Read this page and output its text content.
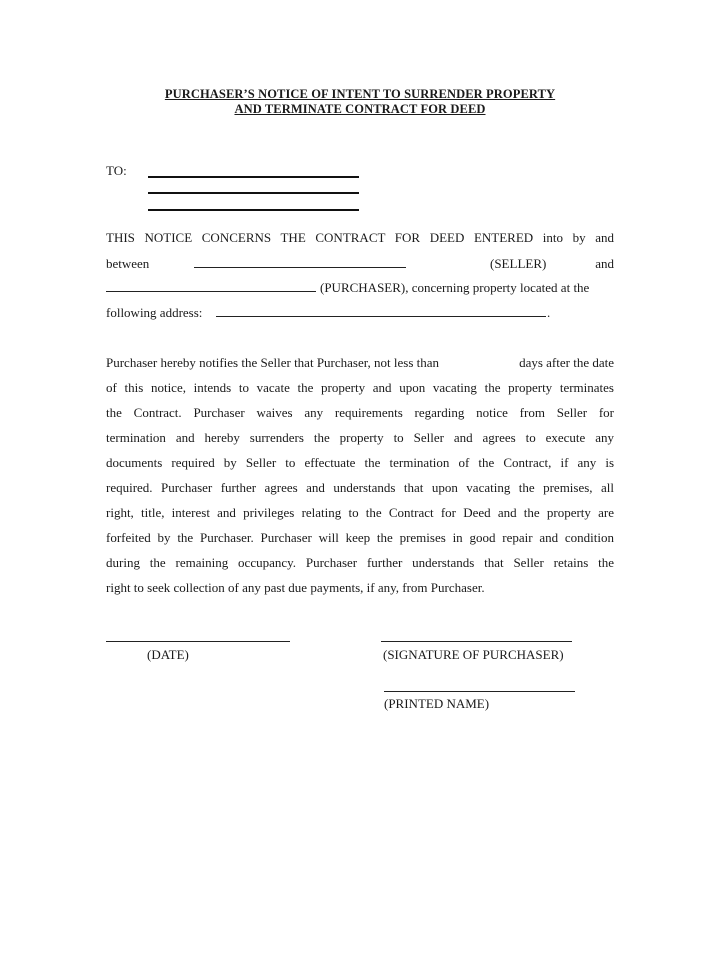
PURCHASER’S NOTICE OF INTENT TO SURRENDER PROPERTY
AND TERMINATE CONTRACT FOR DEED
TO:
THIS NOTICE CONCERNS THE CONTRACT FOR DEED ENTERED into by and
between	(SELLER)	and
(PURCHASER), concerning property located at the
following address:	.
Purchaser hereby notifies the Seller that Purchaser, not less than	days after the date
of this notice, intends to vacate the property and upon vacating the property terminates
the Contract. Purchaser waives any requirements regarding notice from Seller for
termination and hereby surrenders the property to Seller and agrees to execute any
documents required by Seller to effectuate the termination of the Contract, if any is
required. Purchaser further agrees and understands that upon vacating the premises, all
right, title, interest and privileges relating to the Contract for Deed and the property are
forfeited by the Purchaser. Purchaser will keep the premises in good repair and condition
during the remaining occupancy. Purchaser further understands that Seller retains the
right to seek collection of any past due payments, if any, from Purchaser.
(DATE)	(SIGNATURE OF PURCHASER)
(PRINTED NAME)
